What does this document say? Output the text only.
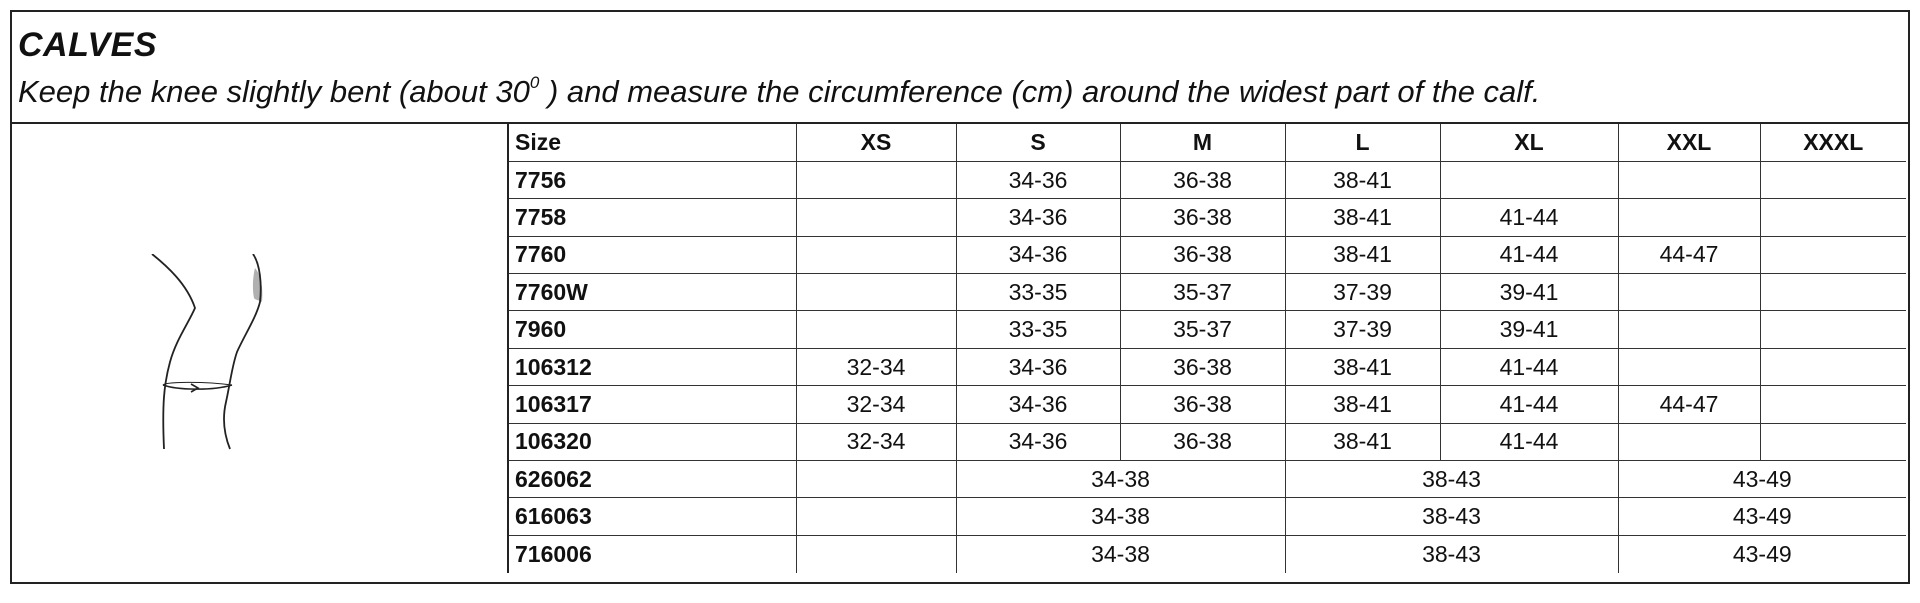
CALVES
Keep the knee slightly bent (about $30^0$ ) and measure the circumference (cm) around the widest part of the calf.
Size	XS	S	M	L	XL	XXL	XXXL
7756		34-36	36-38	38-41			
7758		34-36	36-38	38-41	41-44		
7760		34-36	36-38	38-41	41-44	44-47	
7760W		33-35	35-37	37-39	39-41		
7960		33-35	35-37	37-39	39-41		
106312	32-34	34-36	36-38	38-41	41-44		
106317	32-34	34-36	36-38	38-41	41-44	44-47	
106320	32-34	34-36	36-38	38-41	41-44		
626062		34-38		38-43		43-49	
616063		34-38		38-43		43-49	
716006		34-38		38-43		43-49	
